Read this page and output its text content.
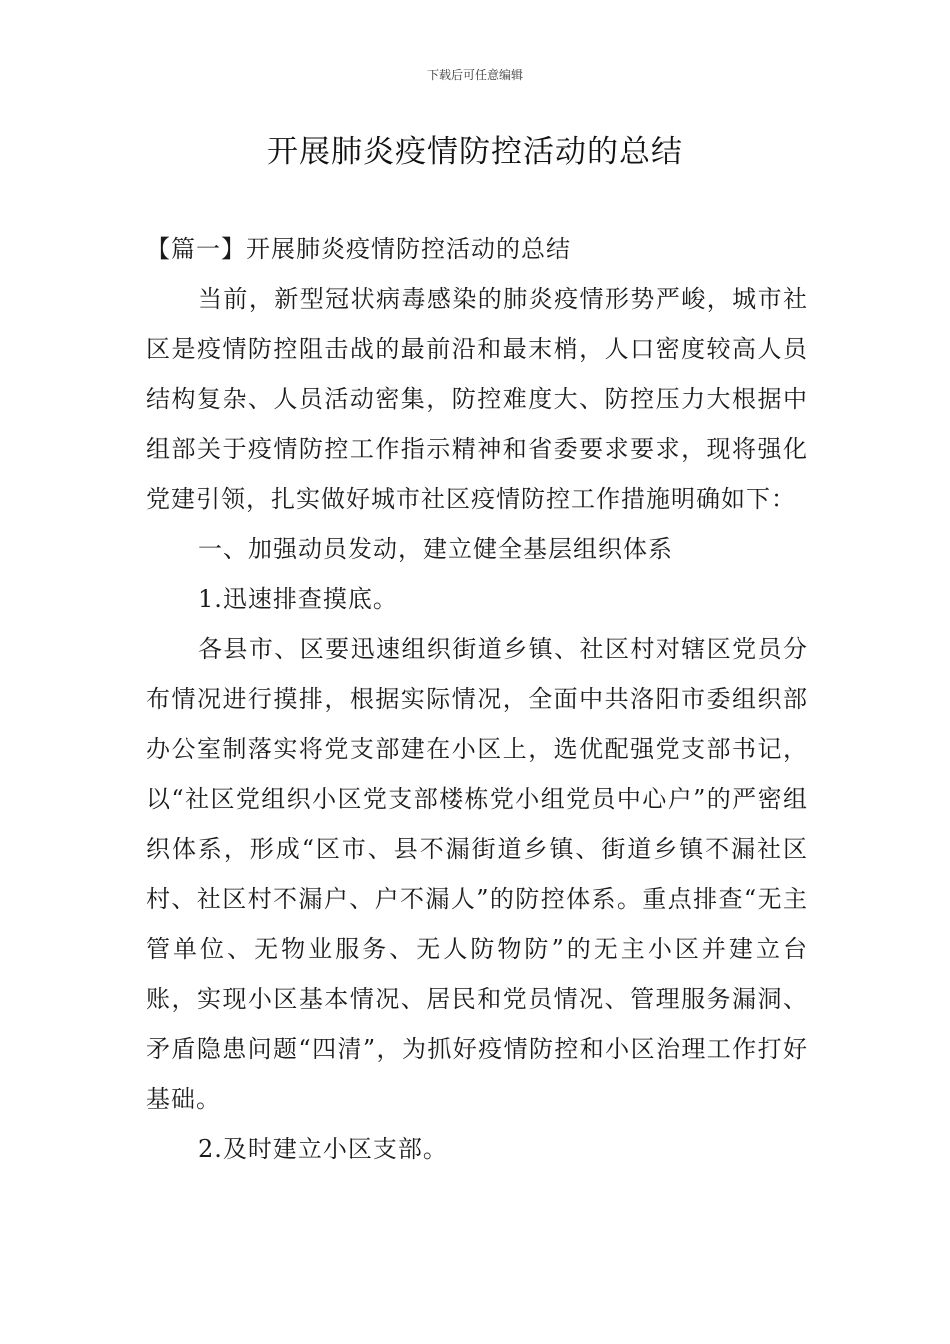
下载后可任意编辑
开展肺炎疫情防控活动的总结

【篇一】开展肺炎疫情防控活动的总结

当前，新型冠状病毒感染的肺炎疫情形势严峻，城市社区是疫情防控阻击战的最前沿和最末梢，人口密度较高人员结构复杂、人员活动密集，防控难度大、防控压力大根据中组部关于疫情防控工作指示精神和省委要求要求，现将强化党建引领，扎实做好城市社区疫情防控工作措施明确如下：

一、加强动员发动，建立健全基层组织体系

1.迅速排查摸底。

各县市、区要迅速组织街道乡镇、社区村对辖区党员分布情况进行摸排，根据实际情况，全面中共洛阳市委组织部办公室制落实将党支部建在小区上，选优配强党支部书记，以“社区党组织小区党支部楼栋党小组党员中心户”的严密组织体系，形成“区市、县不漏街道乡镇、街道乡镇不漏社区村、社区村不漏户、户不漏人”的防控体系。重点排查“无主管单位、无物业服务、无人防物防”的无主小区并建立台账，实现小区基本情况、居民和党员情况、管理服务漏洞、矛盾隐患问题“四清”，为抓好疫情防控和小区治理工作打好基础。

2.及时建立小区支部。
